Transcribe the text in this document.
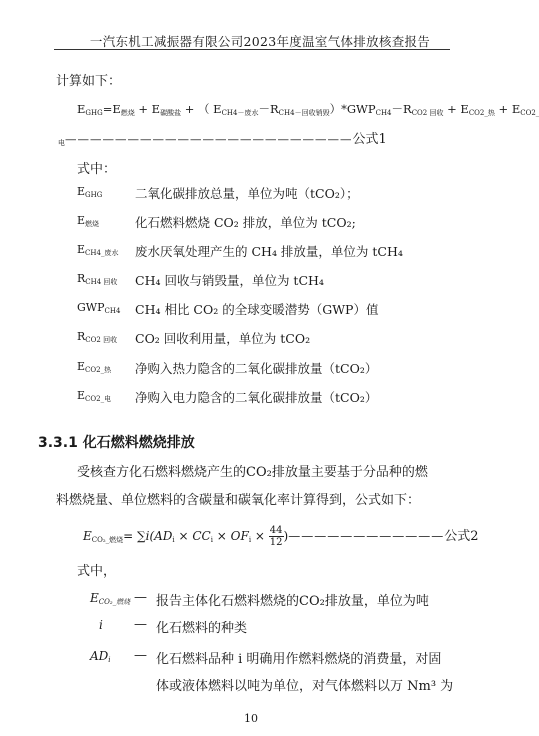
一汽东机工减振器有限公司2023年度温室气体排放核查报告
计算如下：
$E_{GHG}=E_{燃烧} + E_{碳酸盐}$ + （ $E_{CH4-废水}-R_{CH4-回收销毁})*GWP_{CH4}-R_{CO2 回收} + E_{CO2\_热} + E_{CO2\_}$
$_电$———————————————————————公式1
式中：
$E_{GHG}$	二氧化碳排放总量，单位为吨（tCO₂）；
$E_{燃烧}$	化石燃料燃烧 CO₂ 排放，单位为 tCO₂;
$E_{CH4\_废水}$ 废水厌氧处理产生的 CH₄ 排放量，单位为 tCH₄
$R_{CH4 回收}$ CH₄ 回收与销毁量，单位为 tCH₄
$GWP_{CH4}$ CH₄ 相比 CO₂ 的全球变暖潜势（GWP）值
$R_{CO2 回收}$ CO₂ 回收利用量，单位为 tCO₂
$E_{CO2\_热}$ 净购入热力隐含的二氧化碳排放量（tCO₂）
$E_{CO2\_电}$ 净购入电力隐含的二氧化碳排放量（tCO₂）
3.3.1 化石燃料燃烧排放
受核查方化石燃料燃烧产生的CO₂排放量主要基于分品种的燃
料燃烧量、单位燃料的含碳量和碳氧化率计算得到，公式如下：
$E_{CO_2\_燃烧}= \sum i(AD_i \times CC_i \times OF_i \times \frac{44}{12}$ )————————————公式2
式中，
$E_{CO_2\_燃烧}$ — 报告主体化石燃料燃烧的CO₂排放量，单位为吨
i — 化石燃料的种类
$AD_i$ — 化石燃料品种 i 明确用作燃料燃烧的消费量，对固
体或液体燃料以吨为单位，对气体燃料以万 Nm³ 为
10
